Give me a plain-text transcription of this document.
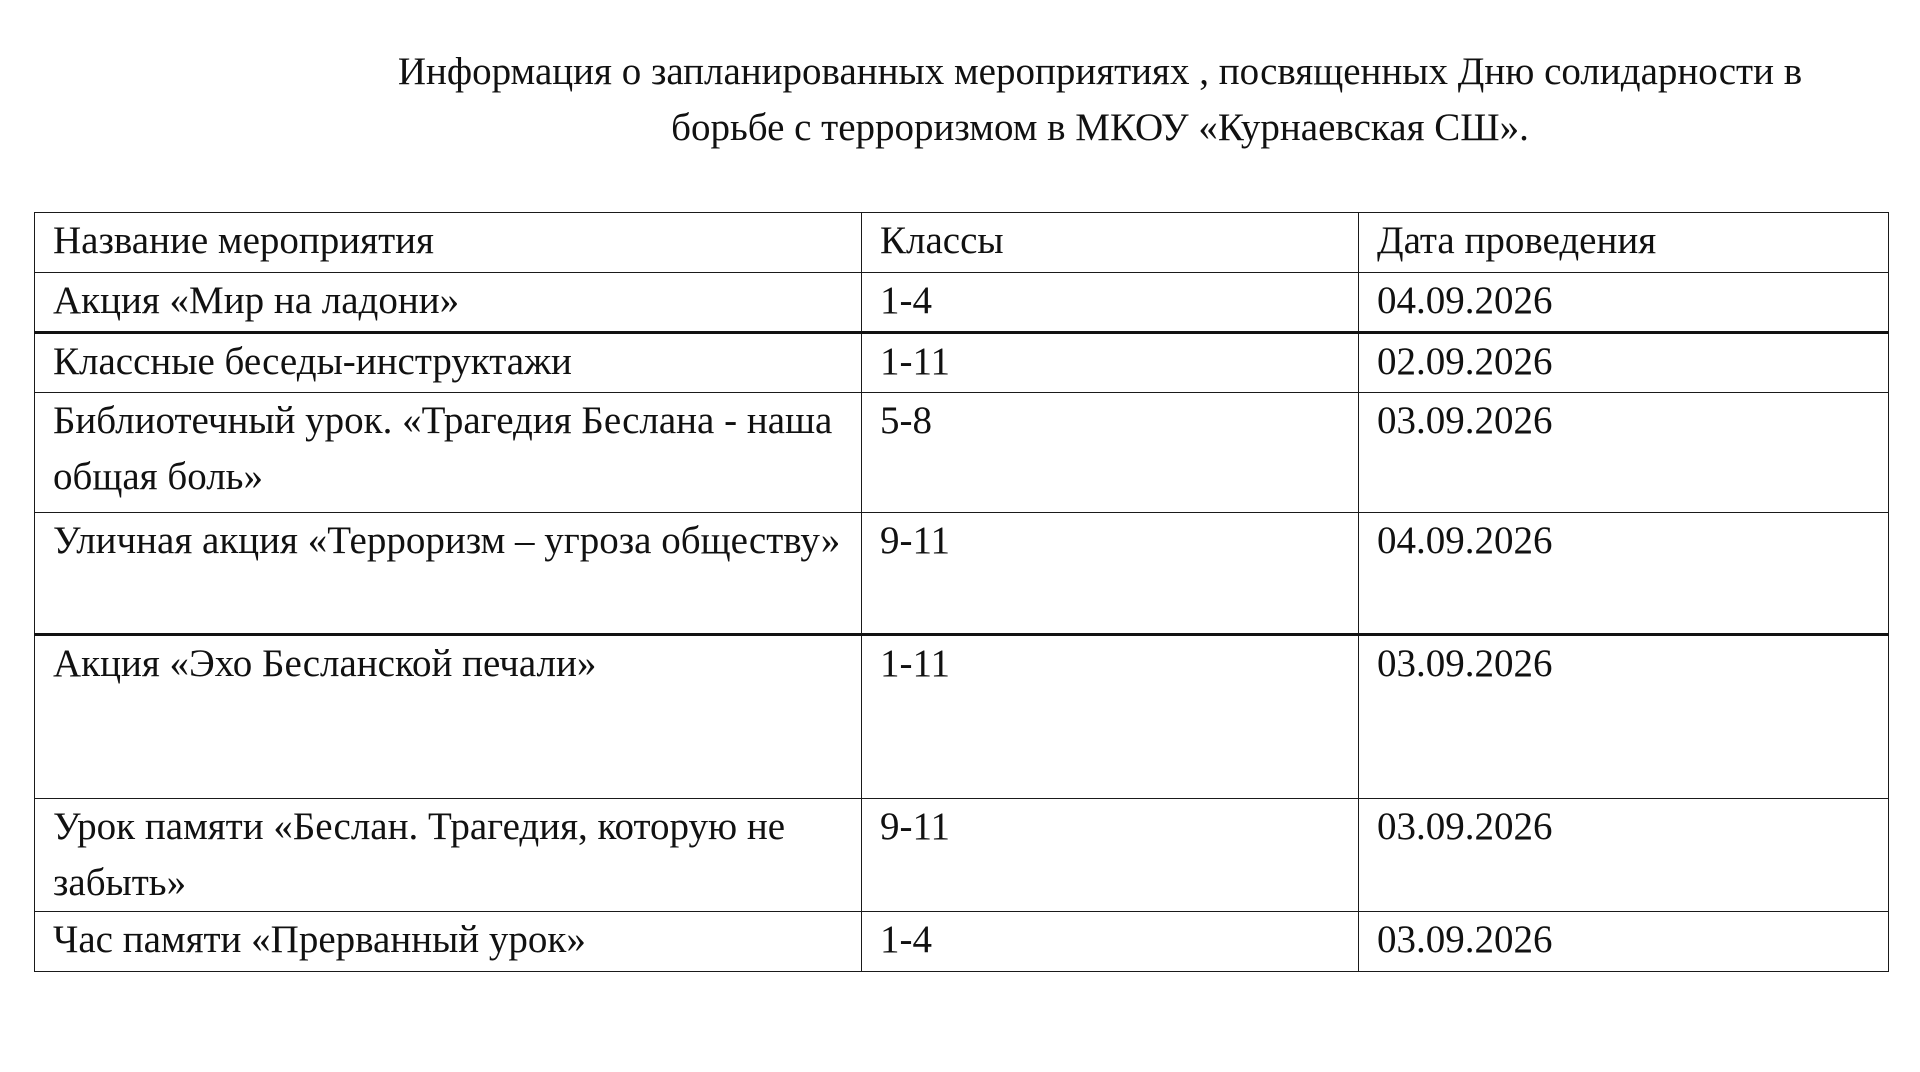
Информация о запланированных мероприятиях , посвященных Дню солидарности в
борьбе с терроризмом в МКОУ «Курнаевская СШ».
Название мероприятия	Классы	Дата проведения
Акция «Мир на ладони»	1-4	04.09.2026
Классные беседы-инструктажи	1-11	02.09.2026
Библиотечный урок. «Трагедия Беслана - наша общая боль»	5-8	03.09.2026
Уличная акция «Терроризм – угроза обществу»	9-11	04.09.2026
Акция «Эхо Бесланской печали»	1-11	03.09.2026
Урок памяти «Беслан. Трагедия, которую не забыть»	9-11	03.09.2026
Час памяти «Прерванный урок»	1-4	03.09.2026
